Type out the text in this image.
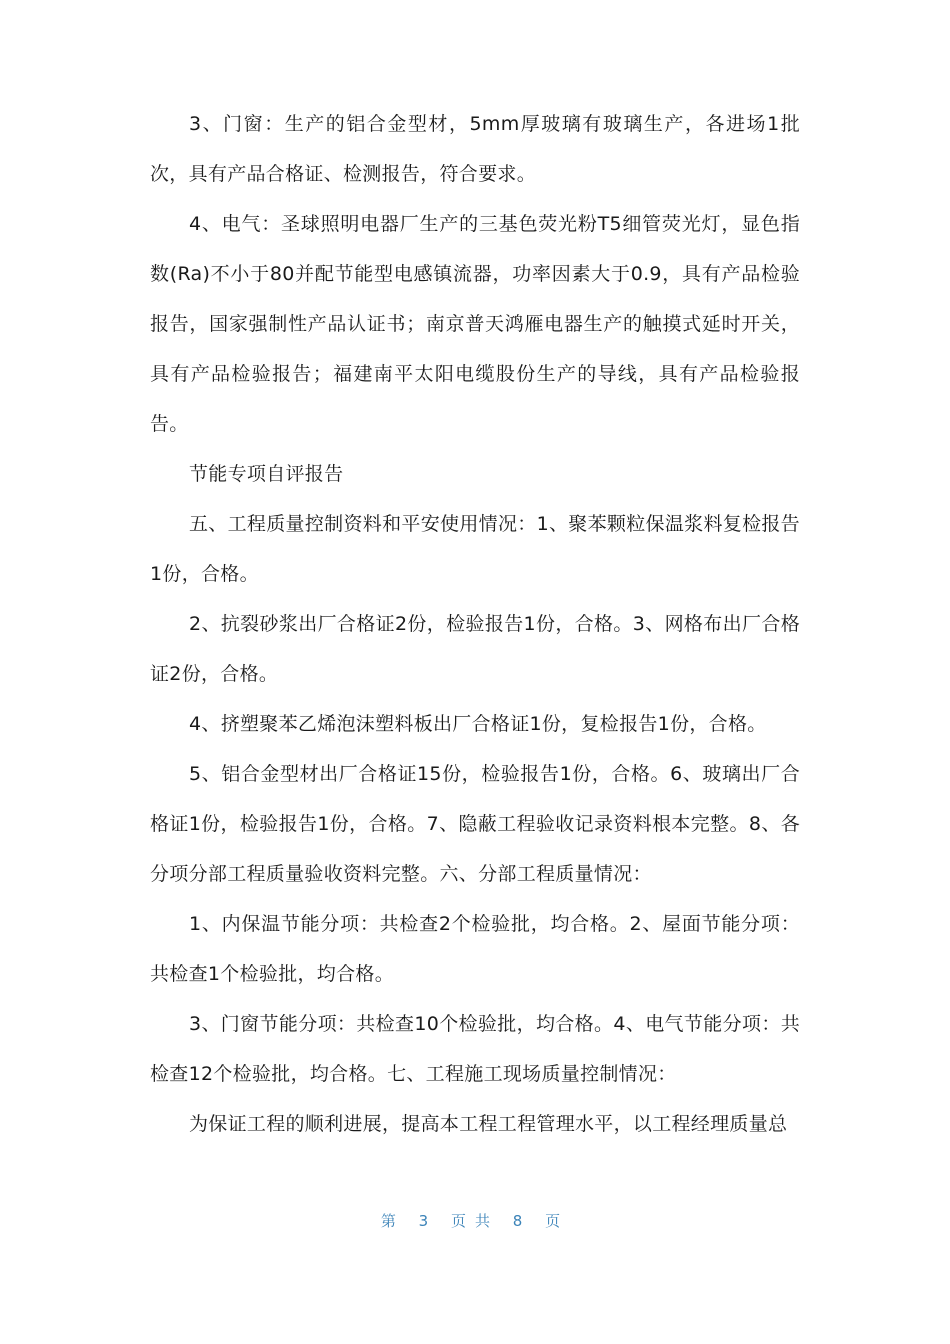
3、门窗：生产的铝合金型材，5mm厚玻璃有玻璃生产，各进场1批次，具有产品合格证、检测报告，符合要求。

4、电气：圣球照明电器厂生产的三基色荧光粉T5细管荧光灯，显色指数(Ra)不小于80并配节能型电感镇流器，功率因素大于0.9，具有产品检验报告，国家强制性产品认证书；南京普天鸿雁电器生产的触摸式延时开关，具有产品检验报告；福建南平太阳电缆股份生产的导线，具有产品检验报告。

节能专项自评报告

五、工程质量控制资料和平安使用情况：1、聚苯颗粒保温浆料复检报告1份，合格。

2、抗裂砂浆出厂合格证2份，检验报告1份，合格。3、网格布出厂合格证2份，合格。

4、挤塑聚苯乙烯泡沫塑料板出厂合格证1份，复检报告1份，合格。

5、铝合金型材出厂合格证15份，检验报告1份，合格。6、玻璃出厂合格证1份，检验报告1份，合格。7、隐蔽工程验收记录资料根本完整。8、各分项分部工程质量验收资料完整。六、分部工程质量情况：

1、内保温节能分项：共检查2个检验批，均合格。2、屋面节能分项：共检查1个检验批，均合格。

3、门窗节能分项：共检查10个检验批，均合格。4、电气节能分项：共检查12个检验批，均合格。七、工程施工现场质量控制情况：

为保证工程的顺利进展，提高本工程工程管理水平，以工程经理质量总

第 3 页共 8 页
